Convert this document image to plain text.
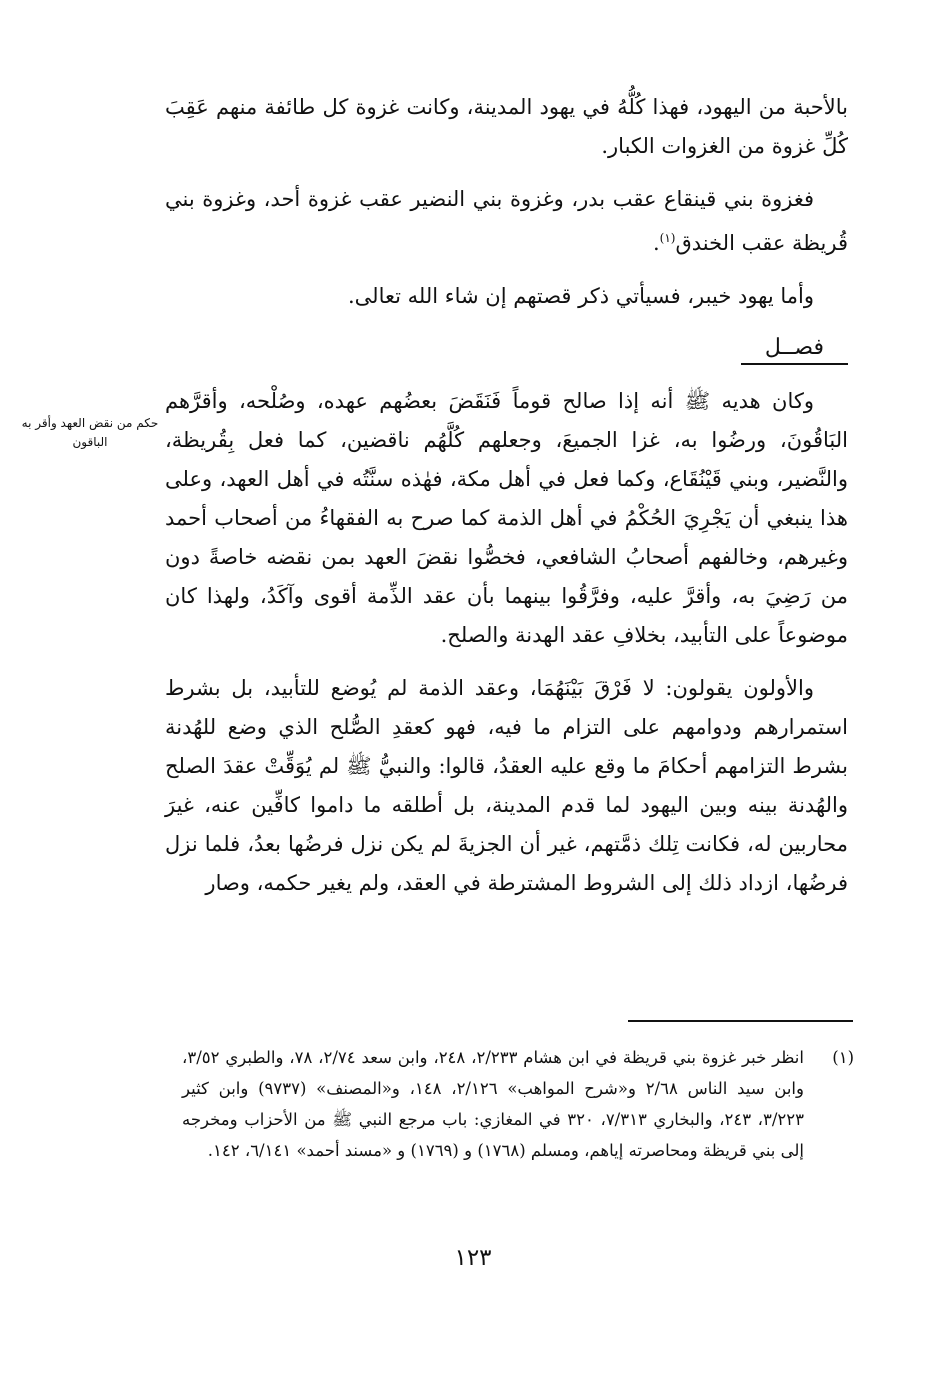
حكم من نقض العهد وأقر به الباقون

بالأحبة من اليهود، فهذا كُلُّهُ في يهود المدينة، وكانت غزوة كل طائفة منهم عَقِبَ كُلِّ غزوة من الغزوات الكبار.

فغزوة بني قينقاع عقب بدر، وغزوة بني النضير عقب غزوة أحد، وغزوة بني قُريظة عقب الخندق$^{(١)}$.

وأما يهود خيبر، فسيأتي ذكر قصتهم إن شاء الله تعالى.

فصــل

وكان هديه ﷺ أنه إذا صالح قوماً فَنَقَضَ بعضُهم عهده، وصُلْحه، وأقرَّهم البَاقُونَ، ورضُوا به، غزا الجميعَ، وجعلهم كُلَّهُم ناقضين، كما فعل بِقُريظة، والنَّضير، وبني قَيْنُقَاع، وكما فعل في أهل مكة، فهٰذه سنَّتُه في أهل العهد، وعلى هذا ينبغي أن يَجْرِيَ الحُكْمُ في أهل الذمة كما صرح به الفقهاءُ من أصحاب أحمد وغيرهم، وخالفهم أصحابُ الشافعي، فخصُّوا نقضَ العهد بمن نقضه خاصةً دون من رَضِيَ به، وأقرَّ عليه، وفرَّقُوا بينهما بأن عقد الذِّمة أقوى وآكَدُ، ولهذا كان موضوعاً على التأبيد، بخلافِ عقد الهدنة والصلح.

والأولون يقولون: لا فَرْقَ بَيْنَهُمَا، وعقد الذمة لم يُوضع للتأبيد، بل بشرط استمرارهم ودوامهم على التزام ما فيه، فهو كعقدِ الصُّلح الذي وضع للهُدنة بشرط التزامهم أحكامَ ما وقع عليه العقدُ، قالوا: والنبيُّ ﷺ لم يُوَقِّتْ عقدَ الصلح والهُدنة بينه وبين اليهود لما قدم المدينة، بل أطلقه ما داموا كافِّين عنه، غيرَ محاربين له، فكانت تِلك ذمَّتهم، غير أن الجزيةَ لم يكن نزل فرضُها بعدُ، فلما نزل فرضُها، ازداد ذلك إلى الشروط المشترطة في العقد، ولم يغير حكمه، وصار

(١)
انظر خبر غزوة بني قريظة في ابن هشام ٢/٢٣٣، ٢٤٨، وابن سعد ٢/٧٤، ٧٨، والطبري ٣/٥٢، وابن سيد الناس ٢/٦٨ و«شرح المواهب» ٢/١٢٦، ١٤٨، و«المصنف» (٩٧٣٧) وابن كثير ٣/٢٢٣، ٢٤٣، والبخاري ٧/٣١٣، ٣٢٠ في المغازي: باب مرجع النبي ﷺ من الأحزاب ومخرجه إلى بني قريظة ومحاصرته إياهم، ومسلم (١٧٦٨) و (١٧٦٩) و «مسند أحمد» ٦/١٤١، ١٤٢.
١٢٣
